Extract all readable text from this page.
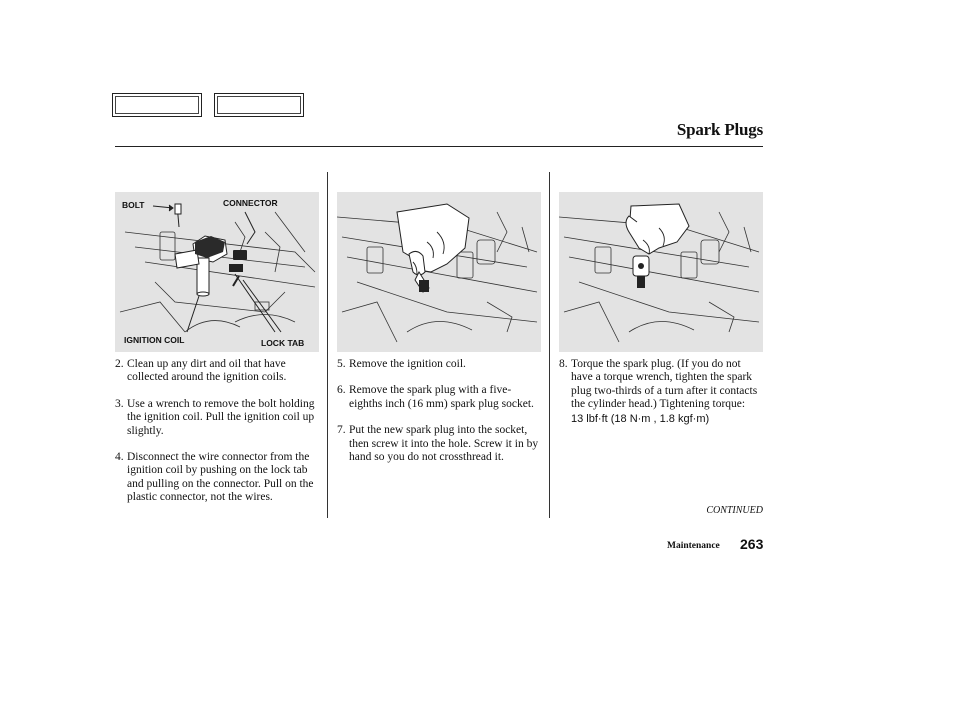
Spark Plugs
BOLT	CONNECTOR
IGNITION COIL	LOCK TAB
2. Clean up any dirt and oil that have collected around the ignition coils.
3. Use a wrench to remove the bolt holding the ignition coil. Pull the ignition coil up slightly.
4. Disconnect the wire connector from the ignition coil by pushing on the lock tab and pulling on the connector. Pull on the plastic connector, not the wires.
5. Remove the ignition coil.
6. Remove the spark plug with a five-eighths inch (16 mm) spark plug socket.
7. Put the new spark plug into the socket, then screw it into the hole. Screw it in by hand so you do not crossthread it.
8. Torque the spark plug. (If you do not have a torque wrench, tighten the spark plug two-thirds of a turn after it contacts the cylinder head.) Tightening torque:
13 lbf·ft (18 N·m , 1.8 kgf·m)
CONTINUED
Maintenance 263
